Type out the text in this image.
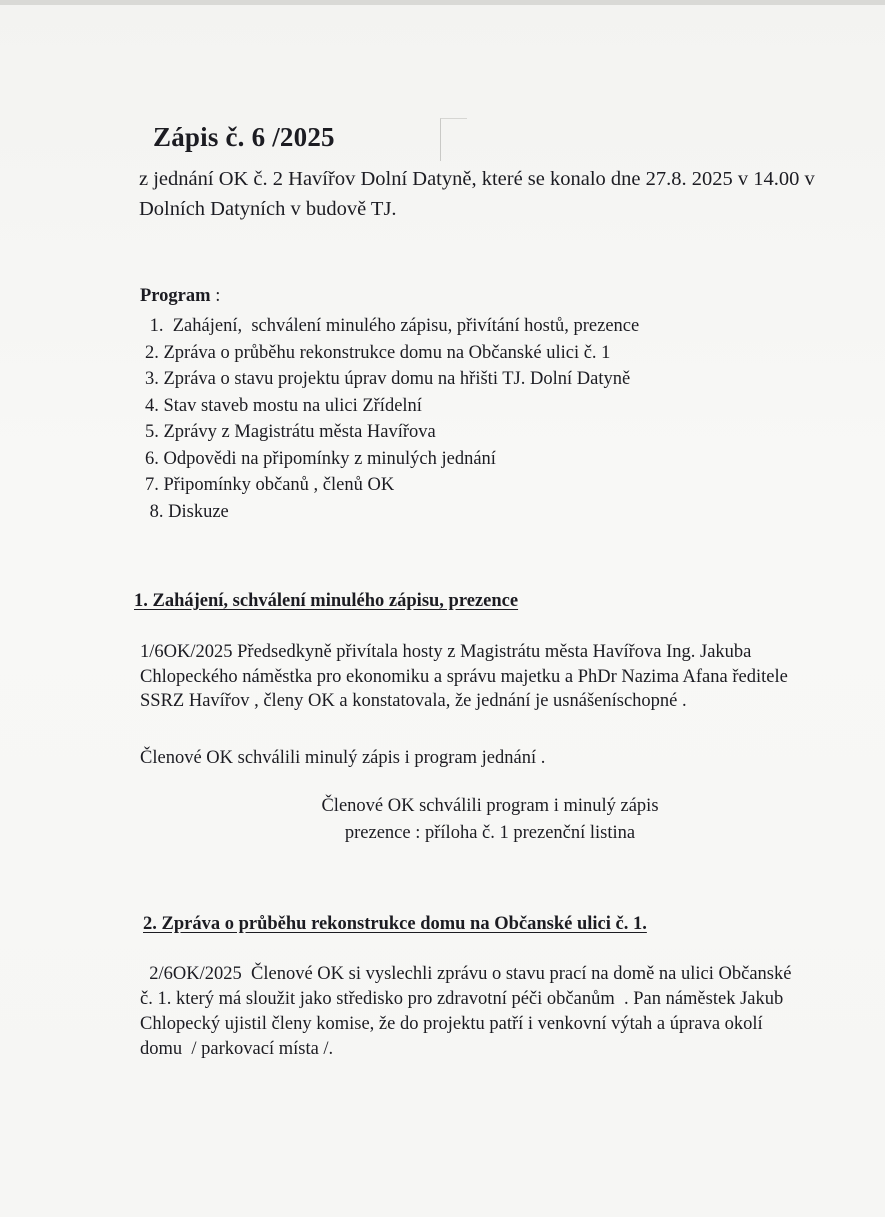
Zápis č. 6 /2025
z jednání OK č. 2 Havířov Dolní Datyně, které se konalo dne 27.8. 2025 v 14.00 v Dolních Datyních v budově TJ.
Program :
1.  Zahájení,  schválení minulého zápisu, přivítání hostů, prezence
2. Zpráva o průběhu rekonstrukce domu na Občanské ulici č. 1
3. Zpráva o stavu projektu úprav domu na hřišti TJ. Dolní Datyně
4. Stav staveb mostu na ulici Zřídelní
5. Zprávy z Magistrátu města Havířova
6. Odpovědi na připomínky z minulých jednání
7. Připomínky občanů , členů OK
8. Diskuze
1. Zahájení, schválení minulého zápisu, prezence
1/6OK/2025 Předsedkyně přivítala hosty z Magistrátu města Havířova Ing. Jakuba Chlopeckého náměstka pro ekonomiku a správu majetku a PhDr Nazima Afana ředitele SSRZ Havířov , členy OK a konstatovala, že jednání je usnášeníschopné .
Členové OK schválili minulý zápis i program jednání .
Členové OK schválili program i minulý zápis
prezence : příloha č. 1 prezenční listina
2. Zpráva o průběhu rekonstrukce domu na Občanské ulici č. 1.
2/6OK/2025  Členové OK si vyslechli zprávu o stavu prací na domě na ulici Občanské č. 1. který má sloužit jako středisko pro zdravotní péči občanům  . Pan náměstek Jakub Chlopecký ujistil členy komise, že do projektu patří i venkovní výtah a úprava okolí domu  / parkovací místa /.
